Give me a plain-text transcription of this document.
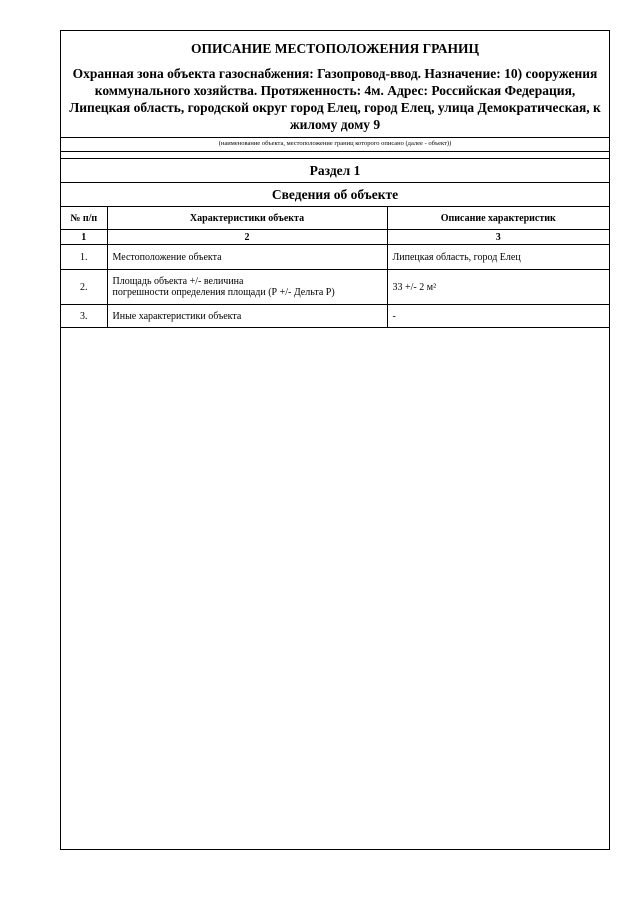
ОПИСАНИЕ МЕСТОПОЛОЖЕНИЯ ГРАНИЦ
Охранная зона объекта газоснабжения: Газопровод-ввод. Назначение: 10) сооружения коммунального хозяйства. Протяженность: 4м. Адрес: Российская Федерация, Липецкая область, городской округ город Елец, город Елец, улица Демократическая, к жилому дому 9
(наименование объекта, местоположение границ которого описано (далее - объект))
Раздел 1
Сведения об объекте
№ п/п	Характеристики объекта	Описание характеристик
1	2	3
1.	Местоположение объекта	Липецкая область, город Елец
2.	Площадь объекта +/- величина
погрешности определения площади (Р +/- Дельта Р)	33 +/- 2 м²
3.	Иные характеристики объекта	-
